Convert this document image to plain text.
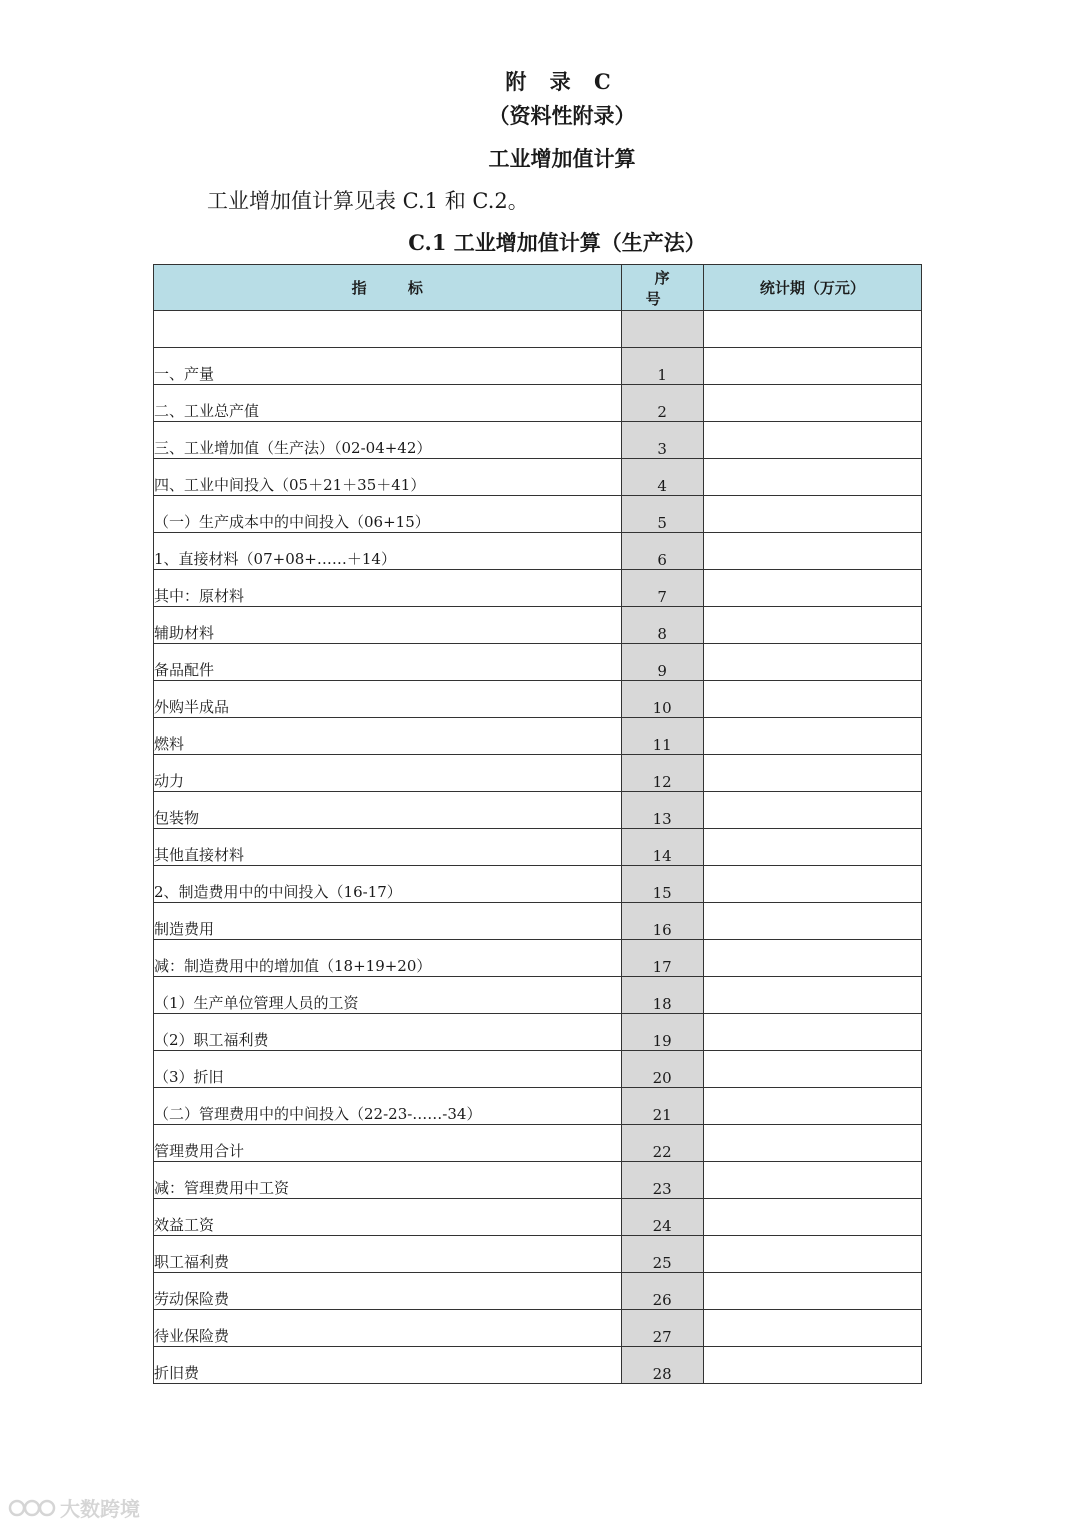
附 录 C
（资料性附录）
工业增加值计算
工业增加值计算见表 C.1 和 C.2。
C.1 工业增加值计算（生产法）
指 标	序 号	统计期（万元）

一、产量	1	
二、工业总产值	2	
三、工业增加值（生产法）（02-04+42）	3	
四、工业中间投入（05＋21＋35＋41）	4	
（一）生产成本中的中间投入（06+15）	5	
1、直接材料（07+08+……＋14）	6	
其中：原材料	7	
辅助材料	8	
备品配件	9	
外购半成品	10	
燃料	11	
动力	12	
包装物	13	
其他直接材料	14	
2、制造费用中的中间投入（16-17）	15	
制造费用	16	
减：制造费用中的增加值（18+19+20）	17	
（1）生产单位管理人员的工资	18	
（2）职工福利费	19	
（3）折旧	20	
（二）管理费用中的中间投入（22-23-……-34）	21	
管理费用合计	22	
减：管理费用中工资	23	
效益工资	24	
职工福利费	25	
劳动保险费	26	
待业保险费	27	
折旧费	28	
大数跨境
